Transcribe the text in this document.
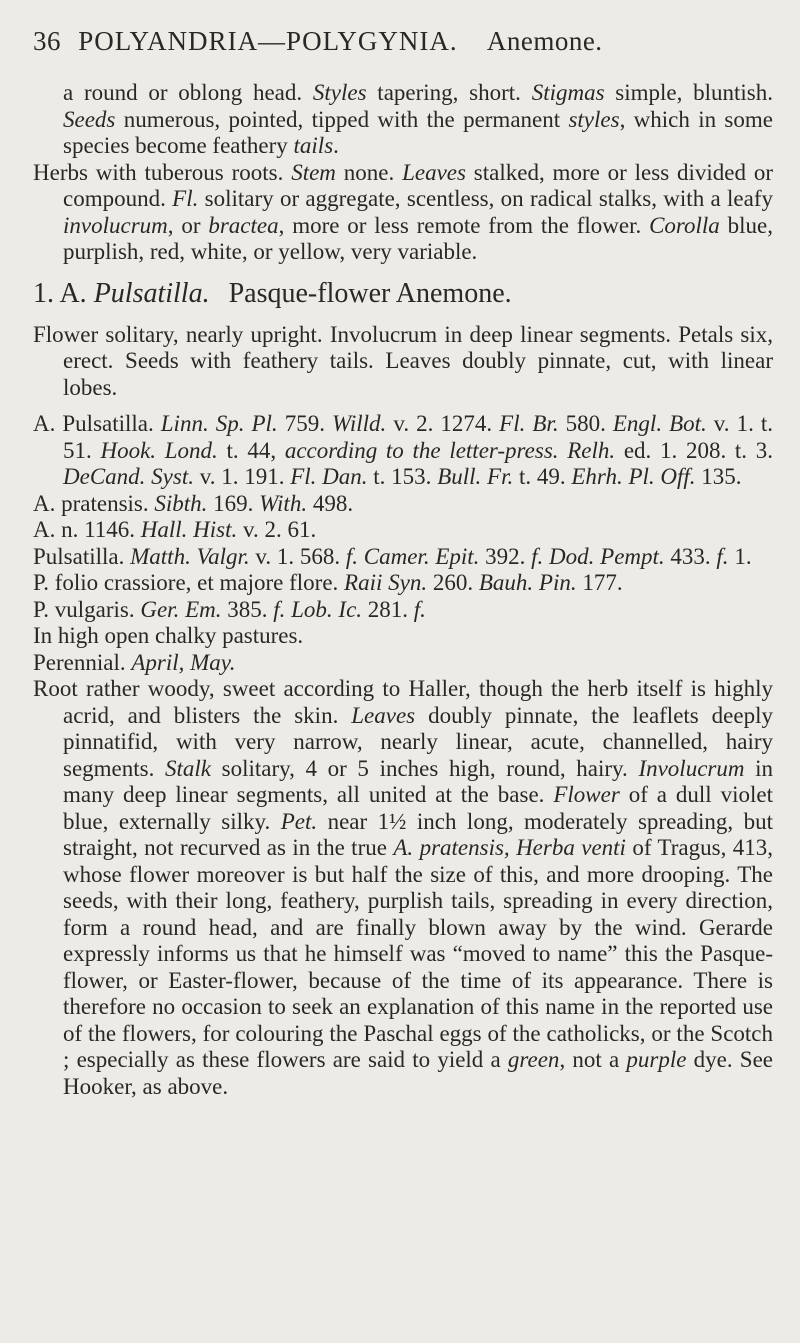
36 POLYANDRIA—POLYGYNIA. Anemone.

a round or oblong head. Styles tapering, short. Stigmas simple, bluntish. Seeds numerous, pointed, tipped with the permanent styles, which in some species become feathery tails.

Herbs with tuberous roots. Stem none. Leaves stalked, more or less divided or compound. Fl. solitary or aggregate, scentless, on radical stalks, with a leafy involucrum, or bractea, more or less remote from the flower. Corolla blue, purplish, red, white, or yellow, very variable.

1. A. Pulsatilla. Pasque-flower Anemone.

Flower solitary, nearly upright. Involucrum in deep linear segments. Petals six, erect. Seeds with feathery tails. Leaves doubly pinnate, cut, with linear lobes.

A. Pulsatilla. Linn. Sp. Pl. 759. Willd. v. 2. 1274. Fl. Br. 580. Engl. Bot. v. 1. t. 51. Hook. Lond. t. 44, according to the letter-press. Relh. ed. 1. 208. t. 3. DeCand. Syst. v. 1. 191. Fl. Dan. t. 153. Bull. Fr. t. 49. Ehrh. Pl. Off. 135.

A. pratensis. Sibth. 169. With. 498.

A. n. 1146. Hall. Hist. v. 2. 61.

Pulsatilla. Matth. Valgr. v. 1. 568. f. Camer. Epit. 392. f. Dod. Pempt. 433. f. 1.

P. folio crassiore, et majore flore. Raii Syn. 260. Bauh. Pin. 177.

P. vulgaris. Ger. Em. 385. f. Lob. Ic. 281. f.

In high open chalky pastures.

Perennial. April, May.

Root rather woody, sweet according to Haller, though the herb itself is highly acrid, and blisters the skin. Leaves doubly pinnate, the leaflets deeply pinnatifid, with very narrow, nearly linear, acute, channelled, hairy segments. Stalk solitary, 4 or 5 inches high, round, hairy. Involucrum in many deep linear segments, all united at the base. Flower of a dull violet blue, externally silky. Pet. near 1½ inch long, moderately spreading, but straight, not recurved as in the true A. pratensis, Herba venti of Tragus, 413, whose flower moreover is but half the size of this, and more drooping. The seeds, with their long, feathery, purplish tails, spreading in every direction, form a round head, and are finally blown away by the wind. Gerarde expressly informs us that he himself was “moved to name” this the Pasque-flower, or Easter-flower, because of the time of its appearance. There is therefore no occasion to seek an explanation of this name in the reported use of the flowers, for colouring the Paschal eggs of the catholicks, or the Scotch ; especially as these flowers are said to yield a green, not a purple dye. See Hooker, as above.
